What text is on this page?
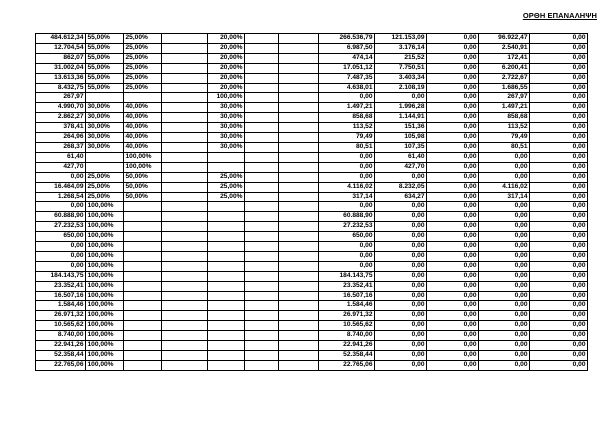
ΟΡΘΗ ΕΠΑΝΑΛΗΨΗ
484.612,34	55,00%	25,00%		20,00%			266.536,79	121.153,09	0,00	96.922,47	0,00
12.704,54	55,00%	25,00%		20,00%			6.987,50	3.176,14	0,00	2.540,91	0,00
862,07	55,00%	25,00%		20,00%			474,14	215,52	0,00	172,41	0,00
31.002,04	55,00%	25,00%		20,00%			17.051,12	7.750,51	0,00	6.200,41	0,00
13.613,36	55,00%	25,00%		20,00%			7.487,35	3.403,34	0,00	2.722,67	0,00
8.432,75	55,00%	25,00%		20,00%			4.638,01	2.108,19	0,00	1.686,55	0,00
267,97				100,00%			0,00	0,00	0,00	267,97	0,00
4.990,70	30,00%	40,00%		30,00%			1.497,21	1.996,28	0,00	1.497,21	0,00
2.862,27	30,00%	40,00%		30,00%			858,68	1.144,91	0,00	858,68	0,00
378,41	30,00%	40,00%		30,00%			113,52	151,36	0,00	113,52	0,00
264,96	30,00%	40,00%		30,00%			79,49	105,98	0,00	79,49	0,00
268,37	30,00%	40,00%		30,00%			80,51	107,35	0,00	80,51	0,00
61,40		100,00%					0,00	61,40	0,00	0,00	0,00
427,70		100,00%					0,00	427,70	0,00	0,00	0,00
0,00	25,00%	50,00%		25,00%			0,00	0,00	0,00	0,00	0,00
16.464,09	25,00%	50,00%		25,00%			4.116,02	8.232,05	0,00	4.116,02	0,00
1.268,54	25,00%	50,00%		25,00%			317,14	634,27	0,00	317,14	0,00
0,00	100,00%						0,00	0,00	0,00	0,00	0,00
60.888,90	100,00%						60.888,90	0,00	0,00	0,00	0,00
27.232,53	100,00%						27.232,53	0,00	0,00	0,00	0,00
650,00	100,00%						650,00	0,00	0,00	0,00	0,00
0,00	100,00%						0,00	0,00	0,00	0,00	0,00
0,00	100,00%						0,00	0,00	0,00	0,00	0,00
0,00	100,00%						0,00	0,00	0,00	0,00	0,00
184.143,75	100,00%						184.143,75	0,00	0,00	0,00	0,00
23.352,41	100,00%						23.352,41	0,00	0,00	0,00	0,00
16.507,16	100,00%						16.507,16	0,00	0,00	0,00	0,00
1.584,46	100,00%						1.584,46	0,00	0,00	0,00	0,00
26.971,32	100,00%						26.971,32	0,00	0,00	0,00	0,00
10.565,62	100,00%						10.565,62	0,00	0,00	0,00	0,00
8.740,00	100,00%						8.740,00	0,00	0,00	0,00	0,00
22.941,26	100,00%						22.941,26	0,00	0,00	0,00	0,00
52.358,44	100,00%						52.358,44	0,00	0,00	0,00	0,00
22.765,06	100,00%						22.765,06	0,00	0,00	0,00	0,00
